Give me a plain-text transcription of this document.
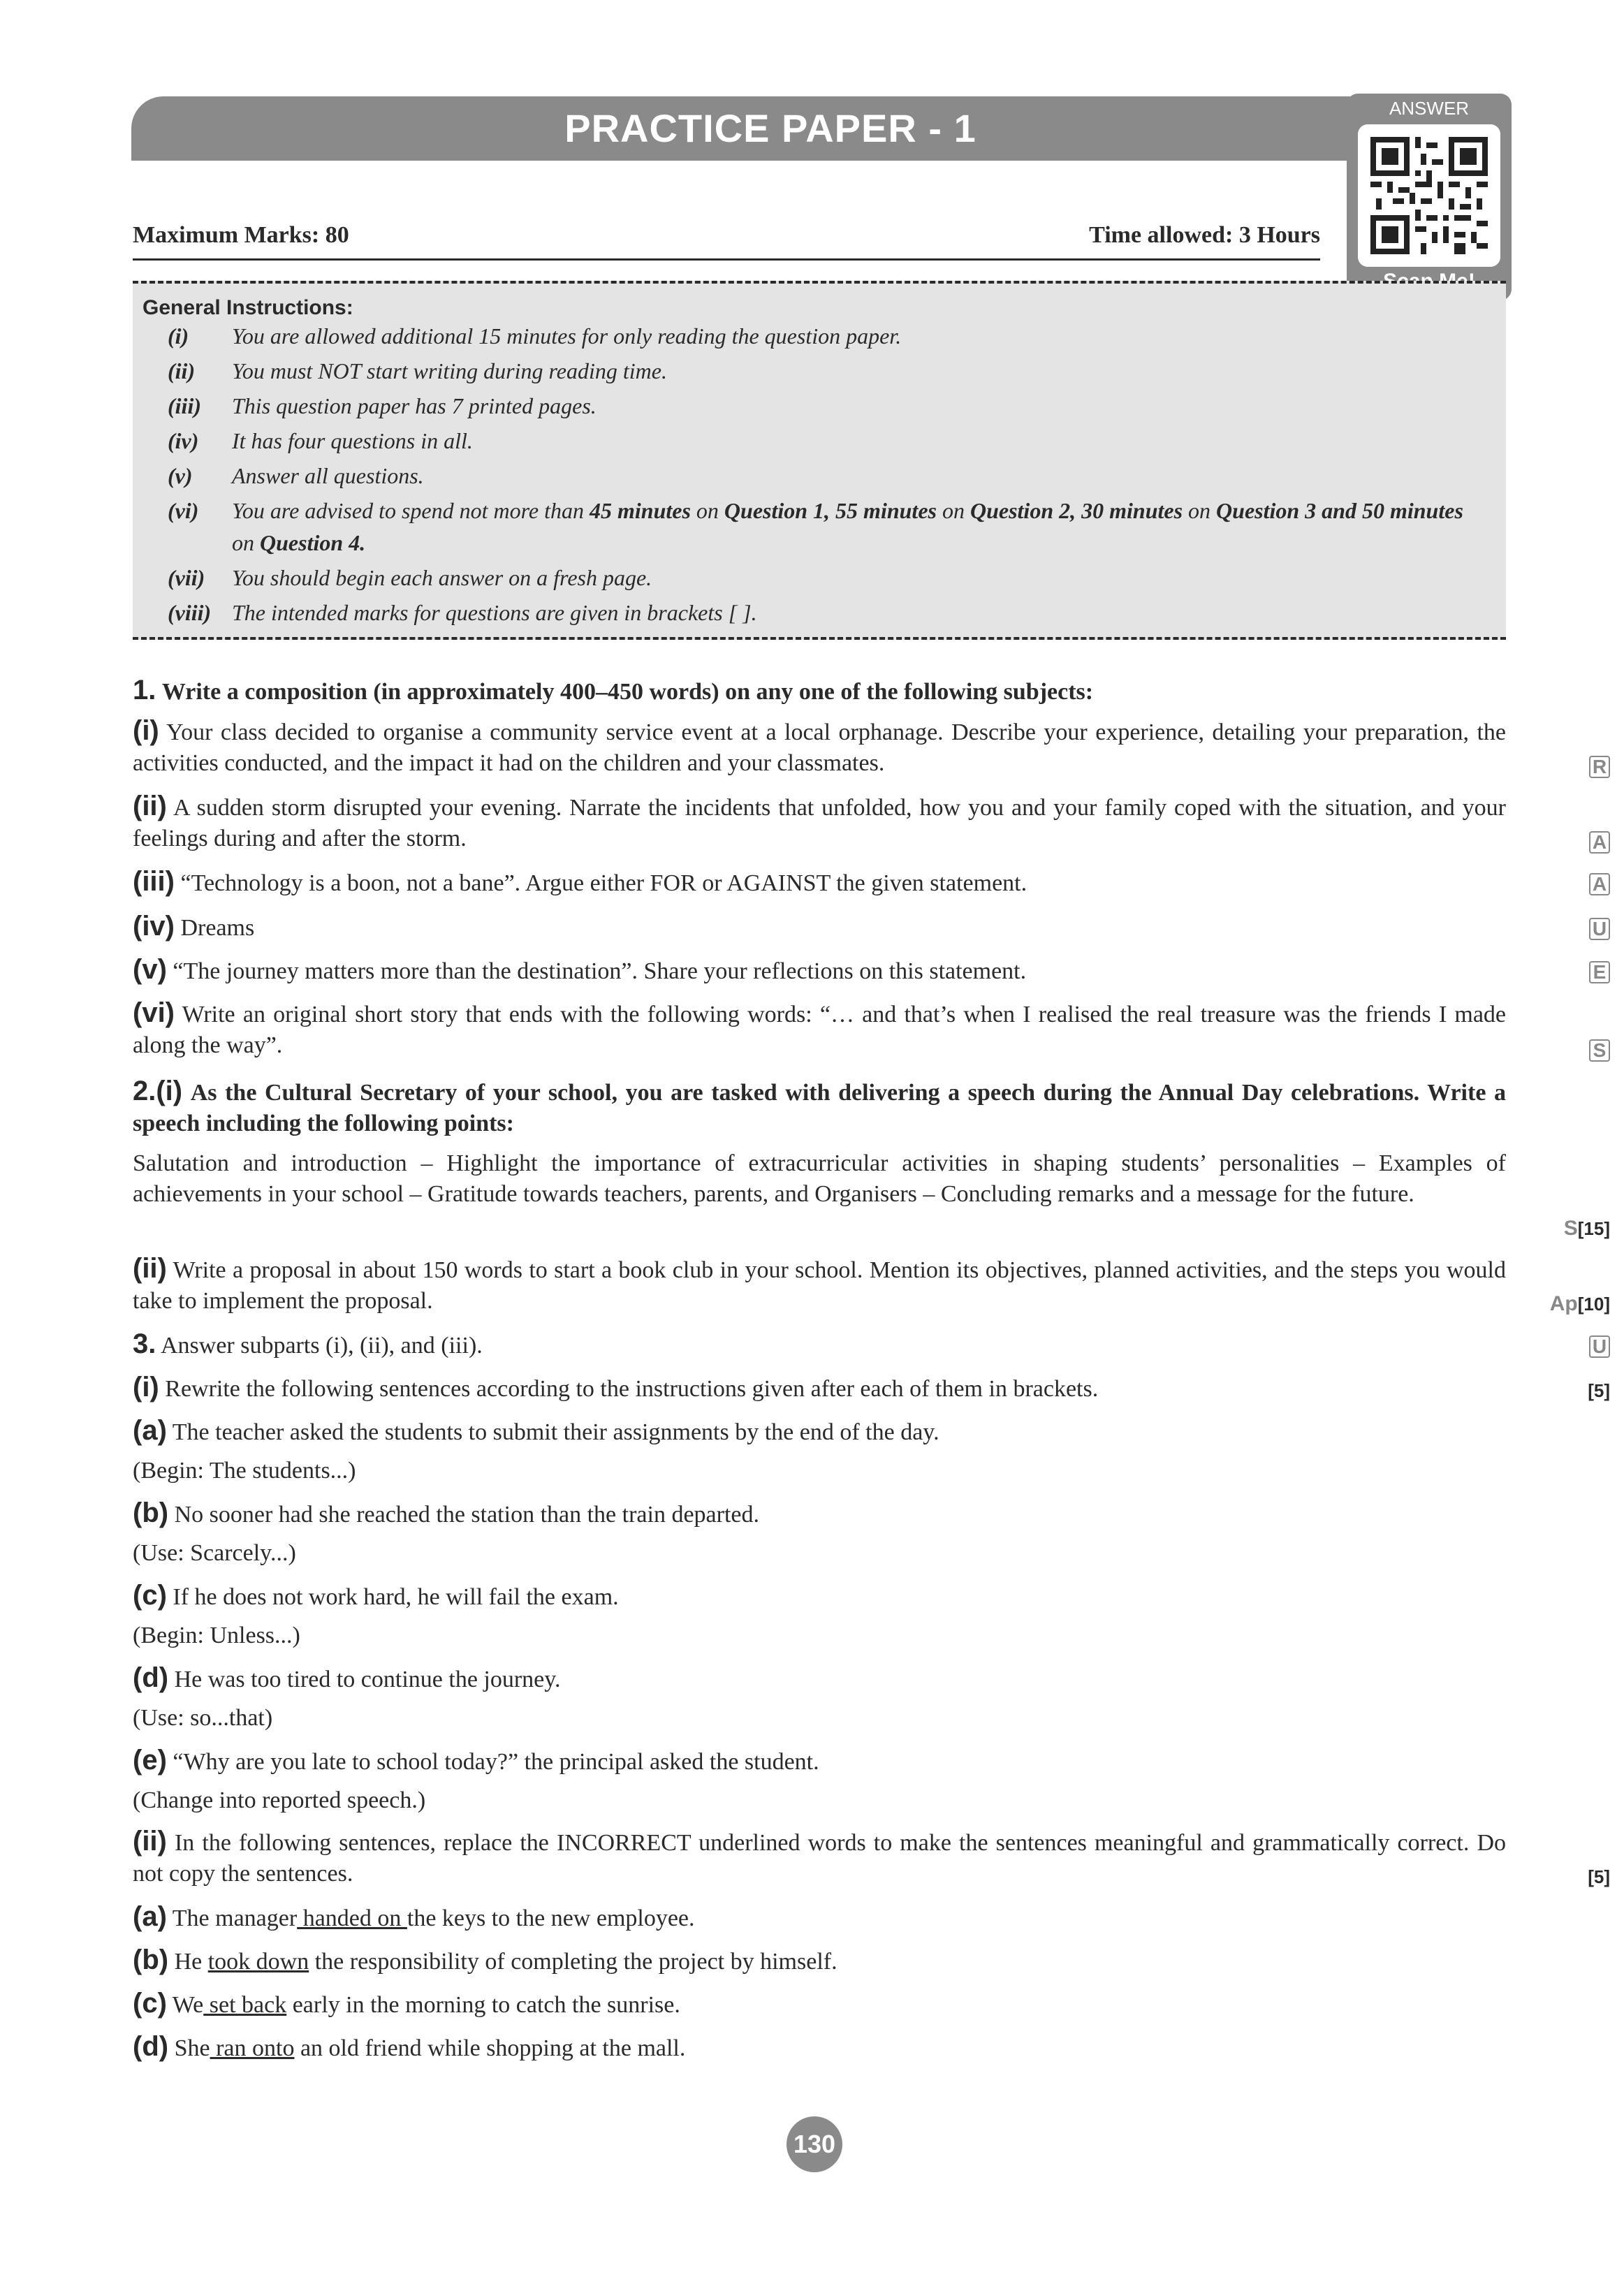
PRACTICE PAPER - 1	ANSWER
Maximum Marks: 80	Time allowed: 3 Hours
General Instructions:
(i) You are allowed additional 15 minutes for only reading the question paper.
(ii) You must NOT start writing during reading time.
(iii) This question paper has 7 printed pages.
(iv) It has four questions in all.
(v) Answer all questions.
(vi) You are advised to spend not more than 45 minutes on Question 1, 55 minutes on Question 2, 30 minutes on Question 3 and 50 minutes on Question 4.
(vii) You should begin each answer on a fresh page.
(viii) The intended marks for questions are given in brackets [ ].
1. Write a composition (in approximately 400–450 words) on any one of the following subjects:
(i) Your class decided to organise a community service event at a local orphanage. Describe your experience, detailing your preparation, the activities conducted, and the impact it had on the children and your classmates.	R
(ii) A sudden storm disrupted your evening. Narrate the incidents that unfolded, how you and your family coped with the situation, and your feelings during and after the storm.	A
(iii) “Technology is a boon, not a bane”. Argue either FOR or AGAINST the given statement.	A
(iv) Dreams	U
(v) “The journey matters more than the destination”. Share your reflections on this statement.	E
(vi) Write an original short story that ends with the following words: “… and that’s when I realised the real treasure was the friends I made along the way”.	S
2.(i) As the Cultural Secretary of your school, you are tasked with delivering a speech during the Annual Day celebrations. Write a speech including the following points:
Salutation and introduction – Highlight the importance of extracurricular activities in shaping students’ personalities – Examples of achievements in your school – Gratitude towards teachers, parents, and Organisers – Concluding remarks and a message for the future.
S[15]
(ii) Write a proposal in about 150 words to start a book club in your school. Mention its objectives, planned activities, and the steps you would take to implement the proposal.	Ap[10]
3. Answer subparts (i), (ii), and (iii).	U
(i) Rewrite the following sentences according to the instructions given after each of them in brackets.	[5]
(a) The teacher asked the students to submit their assignments by the end of the day.
(Begin: The students...)
(b) No sooner had she reached the station than the train departed.
(Use: Scarcely...)
(c) If he does not work hard, he will fail the exam.
(Begin: Unless...)
(d) He was too tired to continue the journey.
(Use: so...that)
(e) “Why are you late to school today?” the principal asked the student.
(Change into reported speech.)
(ii) In the following sentences, replace the INCORRECT underlined words to make the sentences meaningful and grammatically correct. Do not copy the sentences.	[5]
(a) The manager handed on the keys to the new employee.
(b) He took down the responsibility of completing the project by himself.
(c) We set back early in the morning to catch the sunrise.
(d) She ran onto an old friend while shopping at the mall.
130
